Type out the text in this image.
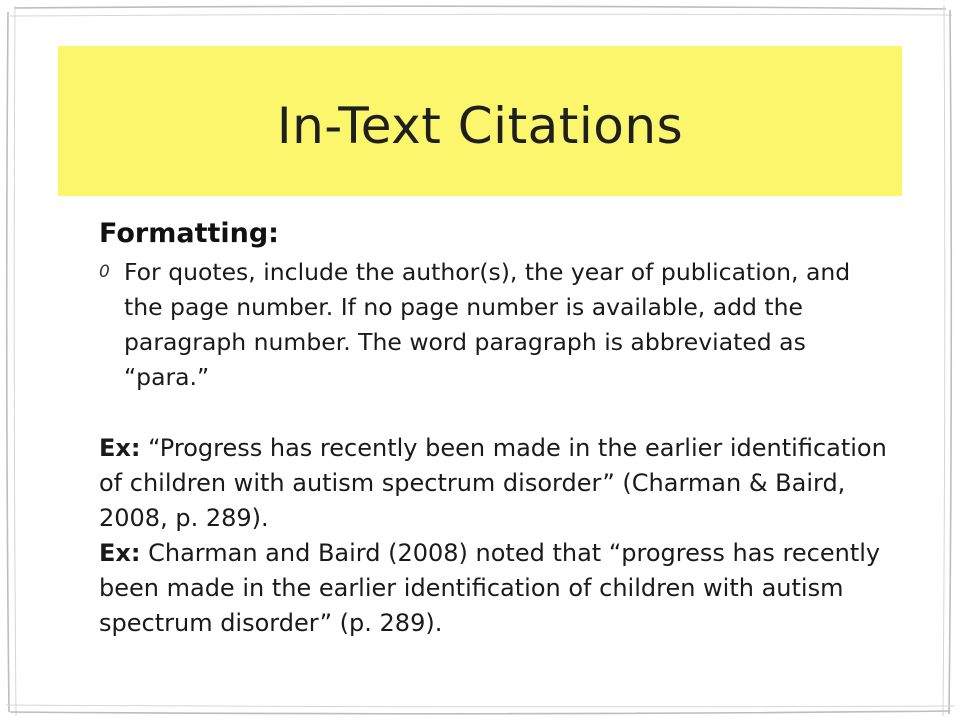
In-Text Citations
Formatting:
0 For quotes, include the author(s), the year of publication, and the page number. If no page number is available, add the paragraph number. The word paragraph is abbreviated as “para.”
Ex: “Progress has recently been made in the earlier identification of children with autism spectrum disorder” (Charman & Baird, 2008, p. 289).
Ex: Charman and Baird (2008) noted that “progress has recently been made in the earlier identification of children with autism spectrum disorder” (p. 289).
